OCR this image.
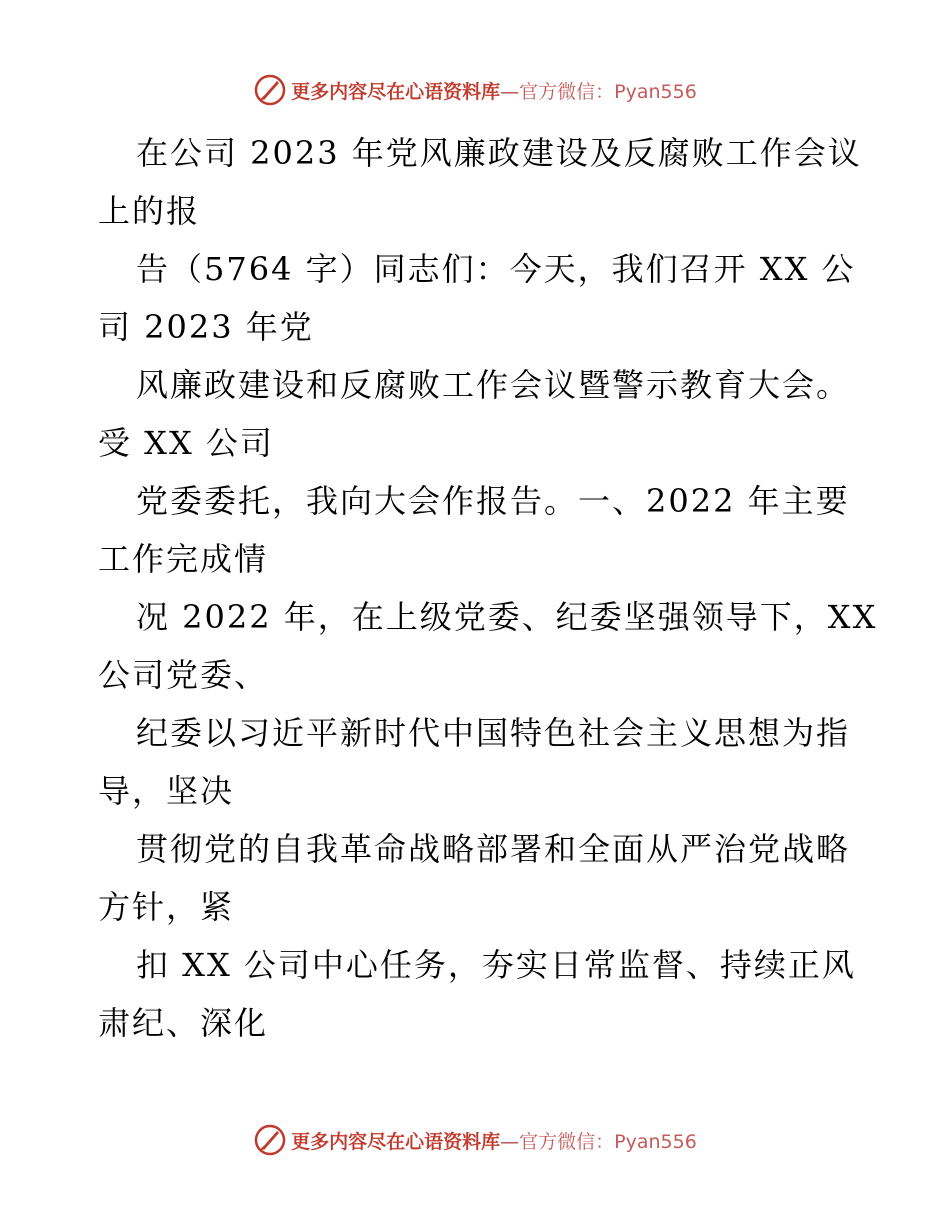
更多内容尽在心语资料库—官方微信：Pyan556
在公司 2023 年党风廉政建设及反腐败工作会议
上的报
告（5764 字）同志们：今天，我们召开 XX 公
司 2023 年党
风廉政建设和反腐败工作会议暨警示教育大会。
受 XX 公司
党委委托，我向大会作报告。一、2022 年主要
工作完成情
况 2022 年，在上级党委、纪委坚强领导下，XX
公司党委、
纪委以习近平新时代中国特色社会主义思想为指
导，坚决
贯彻党的自我革命战略部署和全面从严治党战略
方针，紧
扣 XX 公司中心任务，夯实日常监督、持续正风
肃纪、深化
更多内容尽在心语资料库—官方微信：Pyan556
